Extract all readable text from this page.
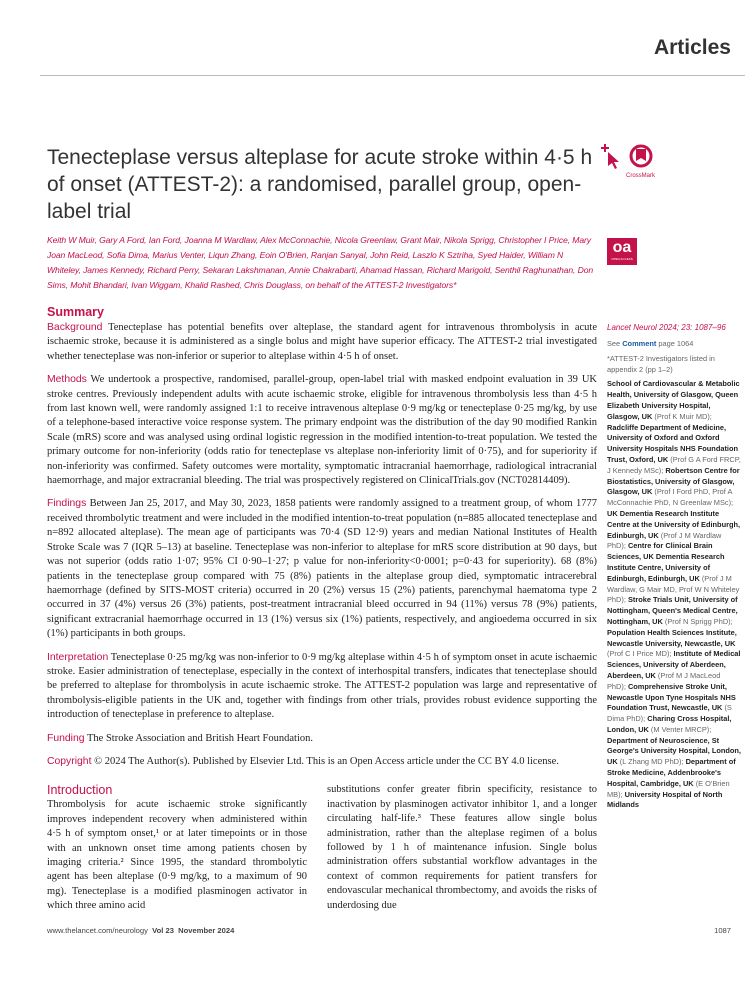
Articles
Tenecteplase versus alteplase for acute stroke within 4·5 h of onset (ATTEST-2): a randomised, parallel group, open-label trial
Keith W Muir, Gary A Ford, Ian Ford, Joanna M Wardlaw, Alex McConnachie, Nicola Greenlaw, Grant Mair, Nikola Sprigg, Christopher I Price, Mary Joan MacLeod, Sofia Dima, Marius Venter, Liqun Zhang, Eoin O'Brien, Ranjan Sanyal, John Reid, Laszlo K Sztriha, Syed Haider, William N Whiteley, James Kennedy, Richard Perry, Sekaran Lakshmanan, Annie Chakrabarti, Ahamad Hassan, Richard Marigold, Senthil Raghunathan, Don Sims, Mohit Bhandari, Ivan Wiggam, Khalid Rashed, Chris Douglass, on behalf of the ATTEST-2 Investigators*
Summary
Background Tenecteplase has potential benefits over alteplase, the standard agent for intravenous thrombolysis in acute ischaemic stroke, because it is administered as a single bolus and might have superior efficacy. The ATTEST-2 trial investigated whether tenecteplase was non-inferior or superior to alteplase within 4·5 h of onset.
Methods We undertook a prospective, randomised, parallel-group, open-label trial with masked endpoint evaluation in 39 UK stroke centres. Previously independent adults with acute ischaemic stroke, eligible for intravenous thrombolysis less than 4·5 h from last known well, were randomly assigned 1:1 to receive intravenous alteplase 0·9 mg/kg or tenecteplase 0·25 mg/kg, by use of a telephone-based interactive voice response system. The primary endpoint was the distribution of the day 90 modified Rankin Scale (mRS) score and was analysed using ordinal logistic regression in the modified intention-to-treat population. We tested the primary outcome for non-inferiority (odds ratio for tenecteplase vs alteplase non-inferiority limit of 0·75), and for superiority if non-inferiority was confirmed. Safety outcomes were mortality, symptomatic intracranial haemorrhage, radiological intracranial haemorrhage, and major extracranial bleeding. The trial was prospectively registered on ClinicalTrials.gov (NCT02814409).
Findings Between Jan 25, 2017, and May 30, 2023, 1858 patients were randomly assigned to a treatment group, of whom 1777 received thrombolytic treatment and were included in the modified intention-to-treat population (n=885 allocated tenecteplase and n=892 allocated alteplase). The mean age of participants was 70·4 (SD 12·9) years and median National Institutes of Health Stroke Scale was 7 (IQR 5–13) at baseline. Tenecteplase was non-inferior to alteplase for mRS score distribution at 90 days, but was not superior (odds ratio 1·07; 95% CI 0·90–1·27; p value for non-inferiority<0·0001; p=0·43 for superiority). 68 (8%) patients in the tenecteplase group compared with 75 (8%) patients in the alteplase group died, symptomatic intracerebral haemorrhage (defined by SITS-MOST criteria) occurred in 20 (2%) versus 15 (2%) patients, parenchymal haematoma type 2 occurred in 37 (4%) versus 26 (3%) patients, post-treatment intracranial bleed occurred in 94 (11%) versus 78 (9%) patients, significant extracranial haemorrhage occurred in 13 (1%) versus six (1%) patients, respectively, and angioedema occurred in six (1%) participants in both groups.
Interpretation Tenecteplase 0·25 mg/kg was non-inferior to 0·9 mg/kg alteplase within 4·5 h of symptom onset in acute ischaemic stroke. Easier administration of tenecteplase, especially in the context of interhospital transfers, indicates that tenecteplase should be preferred to alteplase for thrombolysis in acute ischaemic stroke. The ATTEST-2 population was large and representative of thrombolysis-eligible patients in the UK and, together with findings from other trials, provides robust evidence supporting the introduction of tenecteplase in preference to alteplase.
Funding The Stroke Association and British Heart Foundation.
Copyright © 2024 The Author(s). Published by Elsevier Ltd. This is an Open Access article under the CC BY 4.0 license.
Introduction
Thrombolysis for acute ischaemic stroke significantly improves independent recovery when administered within 4·5 h of symptom onset,¹ or at later timepoints or in those with an unknown onset time among patients chosen by imaging criteria.² Since 1995, the standard thrombolytic agent has been alteplase (0·9 mg/kg, to a maximum of 90 mg). Tenecteplase is a modified plasminogen activator in which three amino acid
substitutions confer greater fibrin specificity, resistance to inactivation by plasminogen activator inhibitor 1, and a longer circulating half-life.³ These features allow single bolus administration, rather than the alteplase regimen of a bolus followed by 1 h of maintenance infusion. Single bolus administration offers substantial workflow advantages in the context of common requirements for patient transfers for endovascular mechanical thrombectomy, and avoids the risks of underdosing due
CrossMark
oa
OPEN ACCESS
Lancet Neurol 2024; 23: 1087–96
See Comment page 1064
*ATTEST-2 Investigators listed in appendix 2 (pp 1–2)
School of Cardiovascular & Metabolic Health, University of Glasgow, Queen Elizabeth University Hospital, Glasgow, UK (Prof K Muir MD); Radcliffe Department of Medicine, University of Oxford and Oxford University Hospitals NHS Foundation Trust, Oxford, UK (Prof G A Ford FRCP, J Kennedy MSc); Robertson Centre for Biostatistics, University of Glasgow, Glasgow, UK (Prof I Ford PhD, Prof A McConnachie PhD, N Greenlaw MSc); UK Dementia Research Institute Centre at the University of Edinburgh, Edinburgh, UK (Prof J M Wardlaw PhD); Centre for Clinical Brain Sciences, UK Dementia Research Institute Centre, University of Edinburgh, Edinburgh, UK (Prof J M Wardlaw, G Mair MD, Prof W N Whiteley PhD); Stroke Trials Unit, University of Nottingham, Queen's Medical Centre, Nottingham, UK (Prof N Sprigg PhD); Population Health Sciences Institute, Newcastle University, Newcastle, UK (Prof C I Price MD); Institute of Medical Sciences, University of Aberdeen, Aberdeen, UK (Prof M J MacLeod PhD); Comprehensive Stroke Unit, Newcastle Upon Tyne Hospitals NHS Foundation Trust, Newcastle, UK (S Dima PhD); Charing Cross Hospital, London, UK (M Venter MRCP); Department of Neuroscience, St George's University Hospital, London, UK (L Zhang MD PhD); Department of Stroke Medicine, Addenbrooke's Hospital, Cambridge, UK (E O'Brien MB); University Hospital of North Midlands
www.thelancet.com/neurology Vol 23 November 2024	1087
